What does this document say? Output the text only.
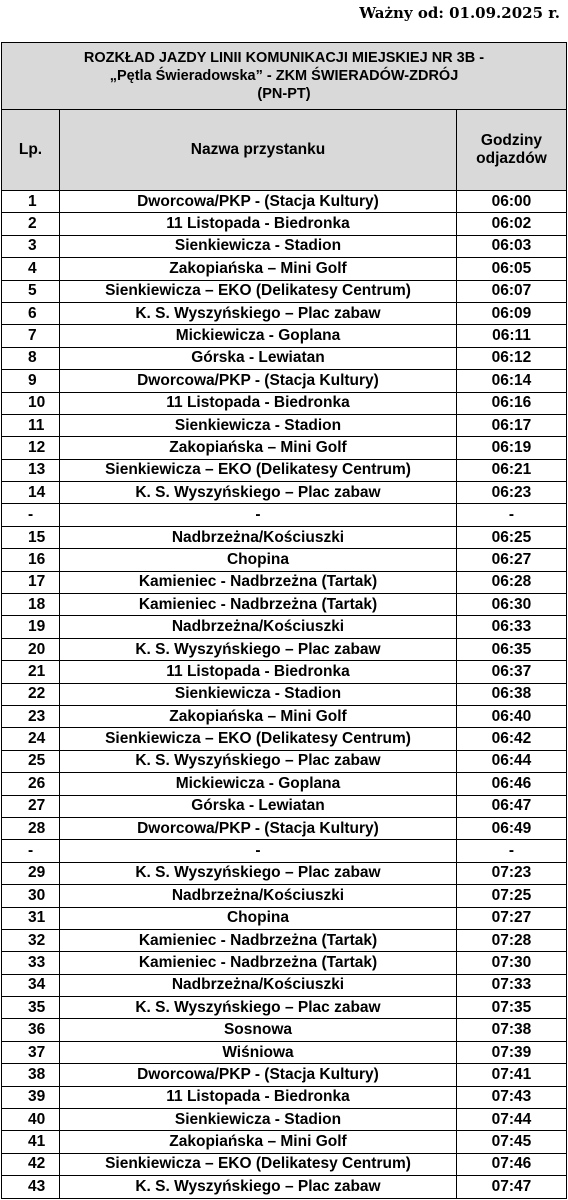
Ważny od: 01.09.2025 r.
ROZKŁAD JAZDY LINII KOMUNIKACJI MIEJSKIEJ NR 3B -
„Pętla Świeradowska” - ZKM ŚWIERADÓW-ZDRÓJ
(PN-PT)		

Lp.	Nazwa przystanku	Godziny
odjazdów

1	Dworcowa/PKP - (Stacja Kultury)	06:00
2	11 Listopada - Biedronka	06:02
3	Sienkiewicza - Stadion	06:03
4	Zakopiańska – Mini Golf	06:05
5	Sienkiewicza – EKO (Delikatesy Centrum)	06:07
6	K. S. Wyszyńskiego – Plac zabaw	06:09
7	Mickiewicza - Goplana	06:11
8	Górska - Lewiatan	06:12
9	Dworcowa/PKP - (Stacja Kultury)	06:14
10	11 Listopada - Biedronka	06:16
11	Sienkiewicza - Stadion	06:17
12	Zakopiańska – Mini Golf	06:19
13	Sienkiewicza – EKO (Delikatesy Centrum)	06:21
14	K. S. Wyszyńskiego – Plac zabaw	06:23
-	-	-
15	Nadbrzeżna/Kościuszki	06:25
16	Chopina	06:27
17	Kamieniec - Nadbrzeżna (Tartak)	06:28
18	Kamieniec - Nadbrzeżna (Tartak)	06:30
19	Nadbrzeżna/Kościuszki	06:33
20	K. S. Wyszyńskiego – Plac zabaw	06:35
21	11 Listopada - Biedronka	06:37
22	Sienkiewicza - Stadion	06:38
23	Zakopiańska – Mini Golf	06:40
24	Sienkiewicza – EKO (Delikatesy Centrum)	06:42
25	K. S. Wyszyńskiego – Plac zabaw	06:44
26	Mickiewicza - Goplana	06:46
27	Górska - Lewiatan	06:47
28	Dworcowa/PKP - (Stacja Kultury)	06:49
-	-	-
29	K. S. Wyszyńskiego – Plac zabaw	07:23
30	Nadbrzeżna/Kościuszki	07:25
31	Chopina	07:27
32	Kamieniec - Nadbrzeżna (Tartak)	07:28
33	Kamieniec - Nadbrzeżna (Tartak)	07:30
34	Nadbrzeżna/Kościuszki	07:33
35	K. S. Wyszyńskiego – Plac zabaw	07:35
36	Sosnowa	07:38
37	Wiśniowa	07:39
38	Dworcowa/PKP - (Stacja Kultury)	07:41
39	11 Listopada - Biedronka	07:43
40	Sienkiewicza - Stadion	07:44
41	Zakopiańska – Mini Golf	07:45
42	Sienkiewicza – EKO (Delikatesy Centrum)	07:46
43	K. S. Wyszyńskiego – Plac zabaw	07:47
